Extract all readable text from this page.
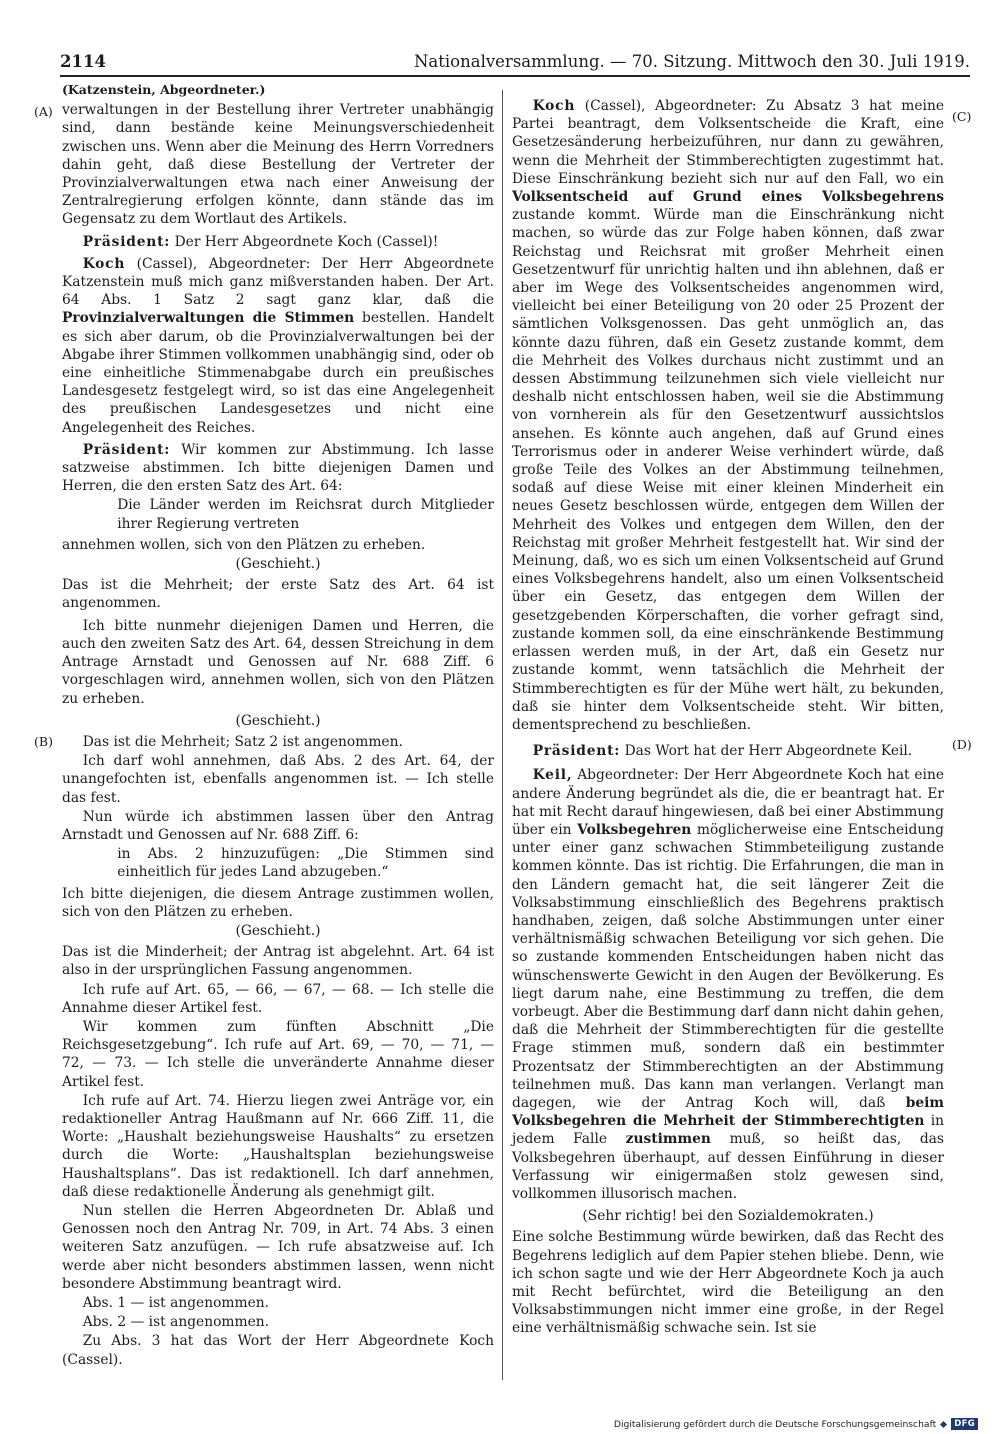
2114	Nationalversammlung. — 70. Sitzung. Mittwoch den 30. Juli 1919.
(A)
(B)
(C)
(D)
(Katzenstein, Abgeordneter.)

verwaltungen in der Bestellung ihrer Vertreter unabhängig sind, dann bestände keine Meinungsverschiedenheit zwischen uns. Wenn aber die Meinung des Herrn Vorredners dahin geht, daß diese Bestellung der Vertreter der Provinzialverwaltungen etwa nach einer Anweisung der Zentralregierung erfolgen könnte, dann stände das im Gegensatz zu dem Wortlaut des Artikels.

Präsident: Der Herr Abgeordnete Koch (Cassel)!

Koch (Cassel), Abgeordneter: Der Herr Abgeordnete Katzenstein muß mich ganz mißverstanden haben. Der Art. 64 Abs. 1 Satz 2 sagt ganz klar, daß die Provinzialverwaltungen die Stimmen bestellen. Handelt es sich aber darum, ob die Provinzialverwaltungen bei der Abgabe ihrer Stimmen vollkommen unabhängig sind, oder ob eine einheitliche Stimmenabgabe durch ein preußisches Landesgesetz festgelegt wird, so ist das eine Angelegenheit des preußischen Landesgesetzes und nicht eine Angelegenheit des Reiches.

Präsident: Wir kommen zur Abstimmung. Ich lasse satzweise abstimmen. Ich bitte diejenigen Damen und Herren, die den ersten Satz des Art. 64:

Die Länder werden im Reichsrat durch Mitglieder ihrer Regierung vertreten

annehmen wollen, sich von den Plätzen zu erheben.

(Geschieht.)

Das ist die Mehrheit; der erste Satz des Art. 64 ist angenommen.

Ich bitte nunmehr diejenigen Damen und Herren, die auch den zweiten Satz des Art. 64, dessen Streichung in dem Antrage Arnstadt und Genossen auf Nr. 688 Ziff. 6 vorgeschlagen wird, annehmen wollen, sich von den Plätzen zu erheben.

(Geschieht.)

Das ist die Mehrheit; Satz 2 ist angenommen.

Ich darf wohl annehmen, daß Abs. 2 des Art. 64, der unangefochten ist, ebenfalls angenommen ist. — Ich stelle das fest.

Nun würde ich abstimmen lassen über den Antrag Arnstadt und Genossen auf Nr. 688 Ziff. 6:

in Abs. 2 hinzuzufügen: „Die Stimmen sind einheitlich für jedes Land abzugeben.“

Ich bitte diejenigen, die diesem Antrage zustimmen wollen, sich von den Plätzen zu erheben.

(Geschieht.)

Das ist die Minderheit; der Antrag ist abgelehnt. Art. 64 ist also in der ursprünglichen Fassung angenommen.

Ich rufe auf Art. 65, — 66, — 67, — 68. — Ich stelle die Annahme dieser Artikel fest.

Wir kommen zum fünften Abschnitt „Die Reichsgesetzgebung“. Ich rufe auf Art. 69, — 70, — 71, — 72, — 73. — Ich stelle die unveränderte Annahme dieser Artikel fest.

Ich rufe auf Art. 74. Hierzu liegen zwei Anträge vor, ein redaktioneller Antrag Haußmann auf Nr. 666 Ziff. 11, die Worte: „Haushalt beziehungsweise Haushalts“ zu ersetzen durch die Worte: „Haushaltsplan beziehungsweise Haushaltsplans“. Das ist redaktionell. Ich darf annehmen, daß diese redaktionelle Änderung als genehmigt gilt.

Nun stellen die Herren Abgeordneten Dr. Ablaß und Genossen noch den Antrag Nr. 709, in Art. 74 Abs. 3 einen weiteren Satz anzufügen. — Ich rufe absatzweise auf. Ich werde aber nicht besonders abstimmen lassen, wenn nicht besondere Abstimmung beantragt wird.

Abs. 1 — ist angenommen.

Abs. 2 — ist angenommen.

Zu Abs. 3 hat das Wort der Herr Abgeordnete Koch (Cassel).

Koch (Cassel), Abgeordneter: Zu Absatz 3 hat meine Partei beantragt, dem Volksentscheide die Kraft, eine Gesetzesänderung herbeizuführen, nur dann zu gewähren, wenn die Mehrheit der Stimmberechtigten zugestimmt hat. Diese Einschränkung bezieht sich nur auf den Fall, wo ein Volksentscheid auf Grund eines Volksbegehrens zustande kommt. Würde man die Einschränkung nicht machen, so würde das zur Folge haben können, daß zwar Reichstag und Reichsrat mit großer Mehrheit einen Gesetzentwurf für unrichtig halten und ihn ablehnen, daß er aber im Wege des Volksentscheides angenommen wird, vielleicht bei einer Beteiligung von 20 oder 25 Prozent der sämtlichen Volksgenossen. Das geht unmöglich an, das könnte dazu führen, daß ein Gesetz zustande kommt, dem die Mehrheit des Volkes durchaus nicht zustimmt und an dessen Abstimmung teilzunehmen sich viele vielleicht nur deshalb nicht entschlossen haben, weil sie die Abstimmung von vornherein als für den Gesetzentwurf aussichtslos ansehen. Es könnte auch angehen, daß auf Grund eines Terrorismus oder in anderer Weise verhindert würde, daß große Teile des Volkes an der Abstimmung teilnehmen, sodaß auf diese Weise mit einer kleinen Minderheit ein neues Gesetz beschlossen würde, entgegen dem Willen der Mehrheit des Volkes und entgegen dem Willen, den der Reichstag mit großer Mehrheit festgestellt hat. Wir sind der Meinung, daß, wo es sich um einen Volksentscheid auf Grund eines Volksbegehrens handelt, also um einen Volksentscheid über ein Gesetz, das entgegen dem Willen der gesetzgebenden Körperschaften, die vorher gefragt sind, zustande kommen soll, da eine einschränkende Bestimmung erlassen werden muß, in der Art, daß ein Gesetz nur zustande kommt, wenn tatsächlich die Mehrheit der Stimmberechtigten es für der Mühe wert hält, zu bekunden, daß sie hinter dem Volksentscheide steht. Wir bitten, dementsprechend zu beschließen.

Präsident: Das Wort hat der Herr Abgeordnete Keil.

Keil, Abgeordneter: Der Herr Abgeordnete Koch hat eine andere Änderung begründet als die, die er beantragt hat. Er hat mit Recht darauf hingewiesen, daß bei einer Abstimmung über ein Volksbegehren möglicherweise eine Entscheidung unter einer ganz schwachen Stimmbeteiligung zustande kommen könnte. Das ist richtig. Die Erfahrungen, die man in den Ländern gemacht hat, die seit längerer Zeit die Volksabstimmung einschließlich des Begehrens praktisch handhaben, zeigen, daß solche Abstimmungen unter einer verhältnismäßig schwachen Beteiligung vor sich gehen. Die so zustande kommenden Entscheidungen haben nicht das wünschenswerte Gewicht in den Augen der Bevölkerung. Es liegt darum nahe, eine Bestimmung zu treffen, die dem vorbeugt. Aber die Bestimmung darf dann nicht dahin gehen, daß die Mehrheit der Stimmberechtigten für die gestellte Frage stimmen muß, sondern daß ein bestimmter Prozentsatz der Stimmberechtigten an der Abstimmung teilnehmen muß. Das kann man verlangen. Verlangt man dagegen, wie der Antrag Koch will, daß beim Volksbegehren die Mehrheit der Stimmberechtigten in jedem Falle zustimmen muß, so heißt das, das Volksbegehren überhaupt, auf dessen Einführung in dieser Verfassung wir einigermaßen stolz gewesen sind, vollkommen illusorisch machen.

(Sehr richtig! bei den Sozialdemokraten.)

Eine solche Bestimmung würde bewirken, daß das Recht des Begehrens lediglich auf dem Papier stehen bliebe. Denn, wie ich schon sagte und wie der Herr Abgeordnete Koch ja auch mit Recht befürchtet, wird die Beteiligung an den Volksabstimmungen nicht immer eine große, in der Regel eine verhältnismäßig schwache sein. Ist sie

Digitalisierung gefördert durch die Deutsche Forschungsgemeinschaft	DFG
